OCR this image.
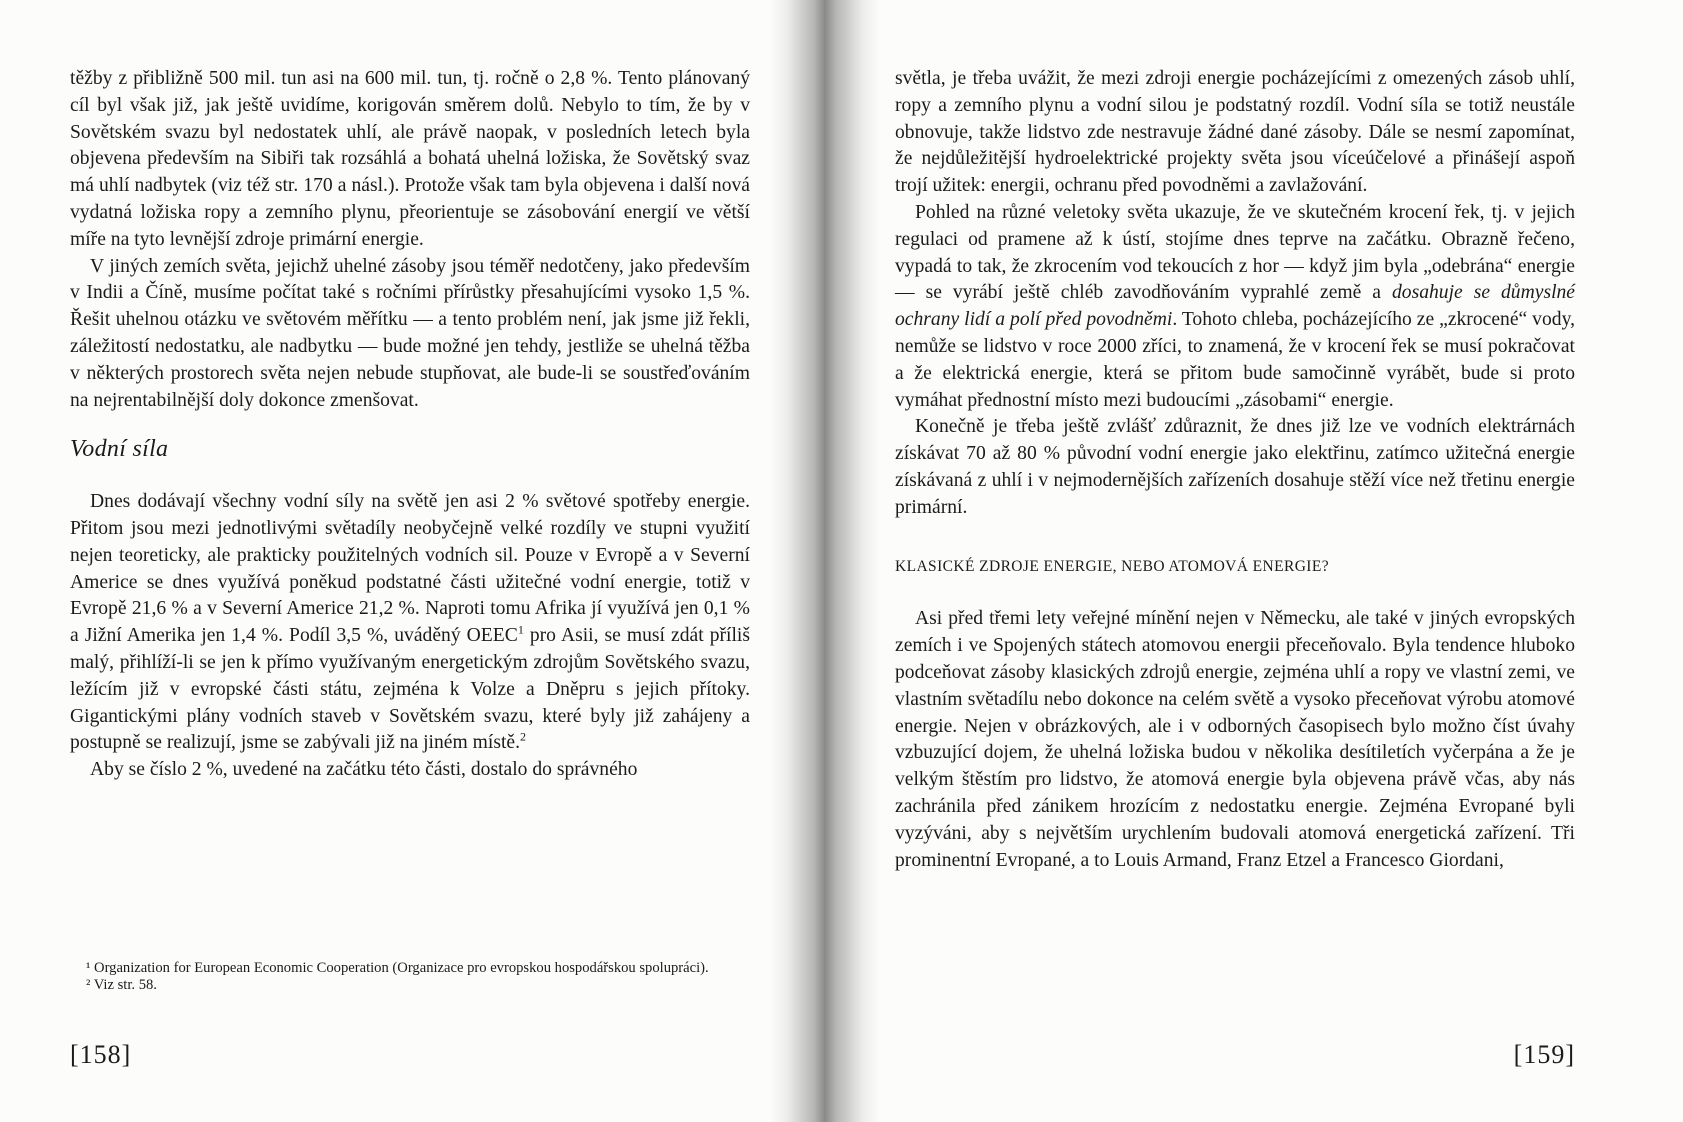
těžby z přibližně 500 mil. tun asi na 600 mil. tun, tj. ročně o 2,8 %. Tento plánovaný cíl byl však již, jak ještě uvidíme, korigován směrem dolů. Nebylo to tím, že by v Sovětském svazu byl nedostatek uhlí, ale právě naopak, v posledních letech byla objevena především na Sibiři tak rozsáhlá a bohatá uhelná ložiska, že Sovětský svaz má uhlí nadbytek (viz též str. 170 a násl.). Protože však tam byla objevena i další nová vydatná ložiska ropy a zemního plynu, přeorientuje se zásobování energií ve větší míře na tyto levnější zdroje primární energie.

V jiných zemích světa, jejichž uhelné zásoby jsou téměř nedotčeny, jako především v Indii a Číně, musíme počítat také s ročními přírůstky přesahujícími vysoko 1,5 %. Řešit uhelnou otázku ve světovém měřítku — a tento problém není, jak jsme již řekli, záležitostí nedostatku, ale nadbytku — bude možné jen tehdy, jestliže se uhelná těžba v některých prostorech světa nejen nebude stupňovat, ale bude-li se soustřeďováním na nejrentabilnější doly dokonce zmenšovat.

Vodní síla

Dnes dodávají všechny vodní síly na světě jen asi 2 % světové spotřeby energie. Přitom jsou mezi jednotlivými světadíly neobyčejně velké rozdíly ve stupni využití nejen teoreticky, ale prakticky použitelných vodních sil. Pouze v Evropě a v Severní Americe se dnes využívá poněkud podstatné části užitečné vodní energie, totiž v Evropě 21,6 % a v Severní Americe 21,2 %. Naproti tomu Afrika jí využívá jen 0,1 % a Jižní Amerika jen 1,4 %. Podíl 3,5 %, uváděný OEEC$^1$ pro Asii, se musí zdát příliš malý, přihlíží-li se jen k přímo využívaným energetickým zdrojům Sovětského svazu, ležícím již v evropské části státu, zejména k Volze a Dněpru s jejich přítoky. Gigantickými plány vodních staveb v Sovětském svazu, které byly již zahájeny a postupně se realizují, jsme se zabývali již na jiném místě.$^2$

Aby se číslo 2 %, uvedené na začátku této části, dostalo do správného

¹ Organization for European Economic Cooperation (Organizace pro evropskou hospodářskou spolupráci).

² Viz str. 58.

[158]

světla, je třeba uvážit, že mezi zdroji energie pocházejícími z omezených zásob uhlí, ropy a zemního plynu a vodní silou je podstatný rozdíl. Vodní síla se totiž neustále obnovuje, takže lidstvo zde nestravuje žádné dané zásoby. Dále se nesmí zapomínat, že nejdůležitější hydroelektrické projekty světa jsou víceúčelové a přinášejí aspoň trojí užitek: energii, ochranu před povodněmi a zavlažování.

Pohled na různé veletoky světa ukazuje, že ve skutečném krocení řek, tj. v jejich regulaci od pramene až k ústí, stojíme dnes teprve na začátku. Obrazně řečeno, vypadá to tak, že zkrocením vod tekoucích z hor — když jim byla „odebrána“ energie — se vyrábí ještě chléb zavodňováním vyprahlé země a dosahuje se důmyslné ochrany lidí a polí před povodněmi. Tohoto chleba, pocházejícího ze „zkrocené“ vody, nemůže se lidstvo v roce 2000 zříci, to znamená, že v krocení řek se musí pokračovat a že elektrická energie, která se přitom bude samočinně vyrábět, bude si proto vymáhat přednostní místo mezi budoucími „zásobami“ energie.

Konečně je třeba ještě zvlášť zdůraznit, že dnes již lze ve vodních elektrárnách získávat 70 až 80 % původní vodní energie jako elektřinu, zatímco užitečná energie získávaná z uhlí i v nejmodernějších zařízeních dosahuje stěží více než třetinu energie primární.

KLASICKÉ ZDROJE ENERGIE, NEBO ATOMOVÁ ENERGIE?

Asi před třemi lety veřejné mínění nejen v Německu, ale také v jiných evropských zemích i ve Spojených státech atomovou energii přeceňovalo. Byla tendence hluboko podceňovat zásoby klasických zdrojů energie, zejména uhlí a ropy ve vlastní zemi, ve vlastním světadílu nebo dokonce na celém světě a vysoko přeceňovat výrobu atomové energie. Nejen v obrázkových, ale i v odborných časopisech bylo možno číst úvahy vzbuzující dojem, že uhelná ložiska budou v několika desítiletích vyčerpána a že je velkým štěstím pro lidstvo, že atomová energie byla objevena právě včas, aby nás zachránila před zánikem hrozícím z nedostatku energie. Zejména Evropané byli vyzýváni, aby s největším urychlením budovali atomová energetická zařízení. Tři prominentní Evropané, a to Louis Armand, Franz Etzel a Francesco Giordani,

[159]
